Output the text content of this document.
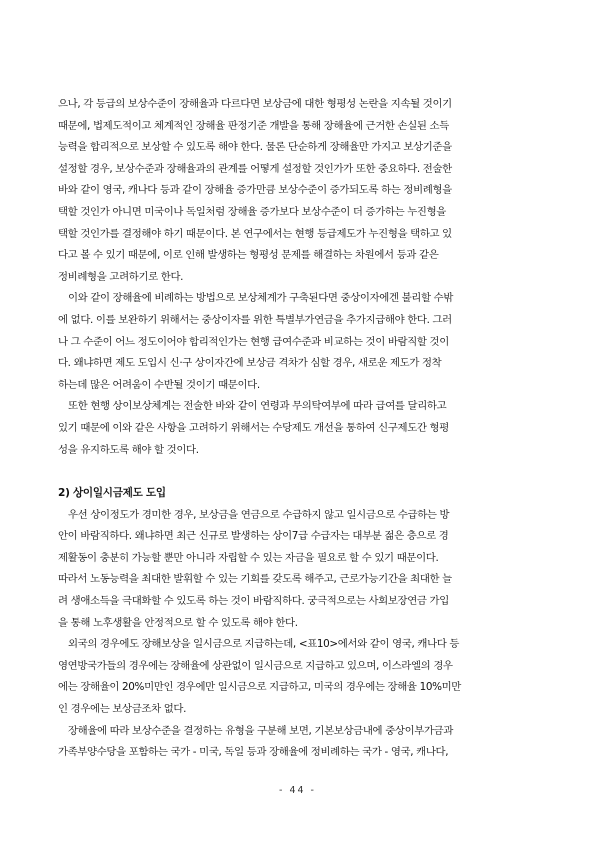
으나, 각 등급의 보상수준이 장해율과 다르다면 보상금에 대한 형평성 논란을 지속될 것이기
때문에, 법제도적이고 체계적인 장해율 판정기준 개발을 통해 장해율에 근거한 손실된 소득
능력을 합리적으로 보상할 수 있도록 해야 한다. 물론 단순하게 장해율만 가지고 보상기준을
설정할 경우, 보상수준과 장해율과의 관계를 어떻게 설정할 것인가가 또한 중요하다. 전술한
바와 같이 영국, 캐나다 등과 같이 장해율 증가만큼 보상수준이 증가되도록 하는 정비례형을
택할 것인가 아니면 미국이나 독일처럼 장해율 증가보다 보상수준이 더 증가하는 누진형을
택할 것인가를 결정해야 하기 때문이다. 본 연구에서는 현행 등급제도가 누진형을 택하고 있
다고 볼 수 있기 때문에, 이로 인해 발생하는 형평성 문제를 해결하는 차원에서 등과 같은
정비례형을 고려하기로 한다.

이와 같이 장해율에 비례하는 방법으로 보상체계가 구축된다면 중상이자에겐 불리할 수밖
에 없다. 이를 보완하기 위해서는 중상이자를 위한 특별부가연금을 추가지급해야 한다. 그러
나 그 수준이 어느 정도이어야 합리적인가는 현행 급여수준과 비교하는 것이 바람직할 것이
다. 왜냐하면 제도 도입시 신·구 상이자간에 보상금 격차가 심할 경우, 새로운 제도가 정착
하는데 많은 어려움이 수반될 것이기 때문이다.

또한 현행 상이보상체계는 전술한 바와 같이 연령과 무의탁여부에 따라 급여를 달리하고
있기 때문에 이와 같은 사항을 고려하기 위해서는 수당제도 개선을 통하여 신구제도간 형평
성을 유지하도록 해야 할 것이다.

2) 상이일시금제도 도입

우선 상이정도가 경미한 경우, 보상금을 연금으로 수급하지 않고 일시금으로 수급하는 방
안이 바람직하다. 왜냐하면 최근 신규로 발생하는 상이7급 수급자는 대부분 젊은 층으로 경
제활동이 충분히 가능할 뿐만 아니라 자립할 수 있는 자금을 필요로 할 수 있기 때문이다.
따라서 노동능력을 최대한 발휘할 수 있는 기회를 갖도록 해주고, 근로가능기간을 최대한 늘
려 생애소득을 극대화할 수 있도록 하는 것이 바람직하다. 궁극적으로는 사회보장연금 가입
을 통해 노후생활을 안정적으로 할 수 있도록 해야 한다.

외국의 경우에도 장해보상을 일시금으로 지급하는데, <표10>에서와 같이 영국, 캐나다 등
영연방국가들의 경우에는 장해율에 상관없이 일시금으로 지급하고 있으며, 이스라엘의 경우
에는 장해율이 20%미만인 경우에만 일시금으로 지급하고, 미국의 경우에는 장해율 10%미만
인 경우에는 보상금조차 없다.

장해율에 따라 보상수준을 결정하는 유형을 구분해 보면, 기본보상금내에 중상이부가금과
가족부양수당을 포함하는 국가 - 미국, 독일 등과 장해율에 정비례하는 국가 - 영국, 캐나다,

- 44 -
